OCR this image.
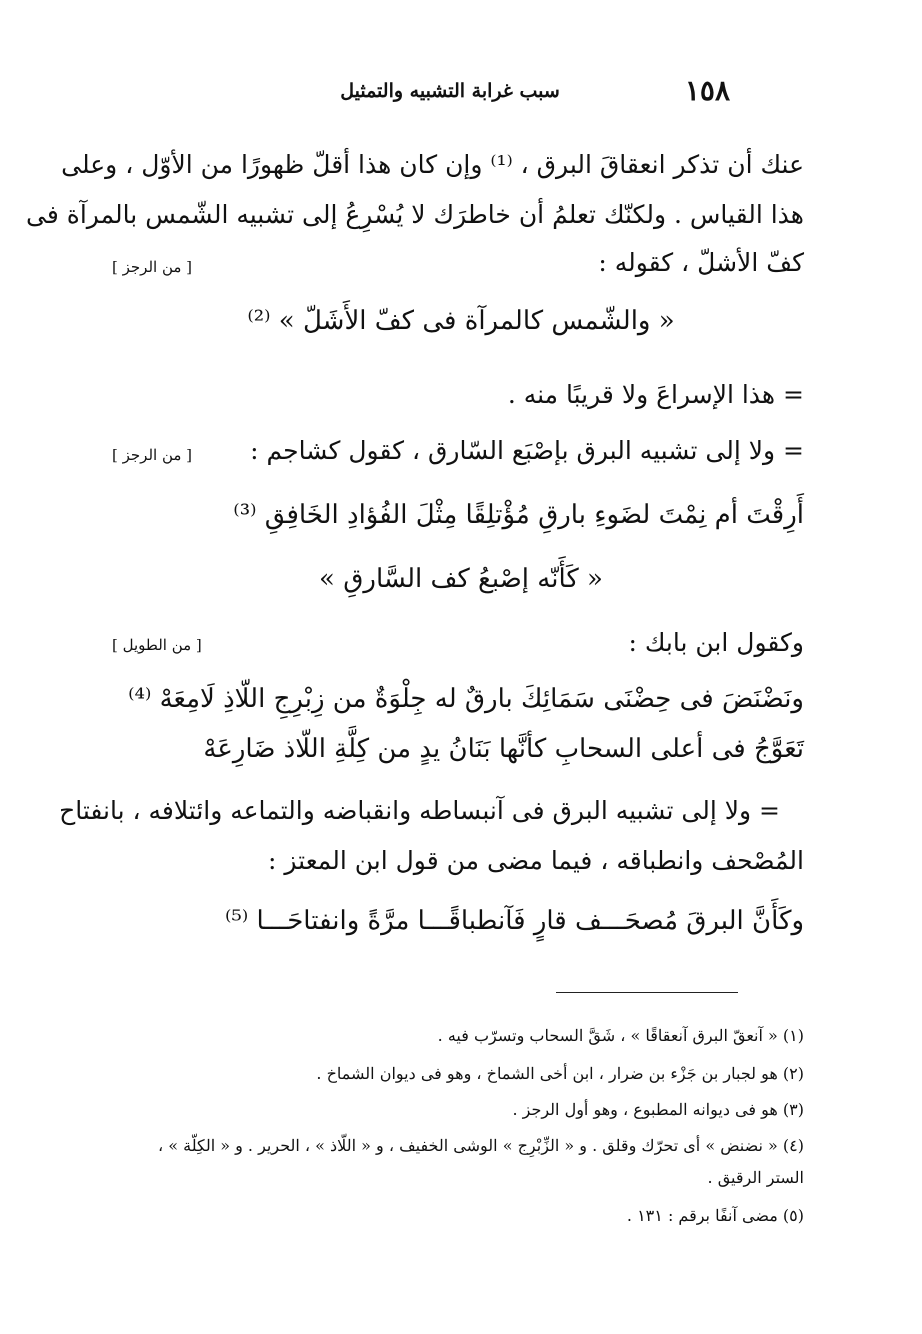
١٥٨
سبب غرابة التشبيه والتمثيل
عنك أن تذكر انعقاقَ البرق ، ⁽¹⁾ وإن كان هذا أقلّ ظهورًا من الأوّل ، وعلى
هذا القياس . ولكنّك تعلمُ أن خاطرَك لا يُسْرِعُ إلى تشبيه الشّمس بالمرآة فى
كفّ الأشلّ ، كقوله :
[ من الرجز ]
« والشّمس كالمرآة فى كفّ الأَشَلّ » ⁽²⁾
= هذا الإسراعَ ولا قريبًا منه .
= ولا إلى تشبيه البرق بإصْبَع السّارق ، كقول كشاجم :
[ من الرجز ]
أَرِقْتَ أم نِمْتَ لضَوءِ بارقِ مُؤْتلِقًا مِثْلَ الفُؤادِ الخَافِقِ ⁽³⁾
« كَأَنّه إصْبعُ كف السَّارقِ »
وكقول ابن بابك :
[ من الطويل ]
ونَضْنَضَ فى حِضْنَى سَمَائِكَ بارقٌ له جِلْوَةٌ من زِبْرِجِ اللّاذِ لَامِعَهْ ⁽⁴⁾
تَعَوَّجُ فى أعلى السحابِ كأنَّها بَنَانُ يدٍ من كِلَّةِ اللّاذ ضَارِعَهْ
= ولا إلى تشبيه البرق فى آنبساطه وانقباضه والتماعه وائتلافه ، بانفتاح
المُصْحف وانطباقه ، فيما مضى من قول ابن المعتز :
وكَأَنَّ البرقَ مُصحَـــف قارٍ فَآنطباقًـــا مرَّةً وانفتاحَـــا ⁽⁵⁾
(١) « آنعقّ البرق آنعقاقًا » ، شَقَّ السحاب وتسرّب فيه .
(٢) هو لجبار بن جَزْء بن ضرار ، ابن أخى الشماخ ، وهو فى ديوان الشماخ .
(٣) هو فى ديوانه المطبوع ، وهو أول الرجز .
(٤) « نضنض » أى تحرّك وقلق . و « الزِّبْرِج » الوشى الخفيف ، و « اللّاذ » ، الحرير . و « الكِلّة » ،
الستر الرقيق .
(٥) مضى آنفًا برقم : ١٣١ .
